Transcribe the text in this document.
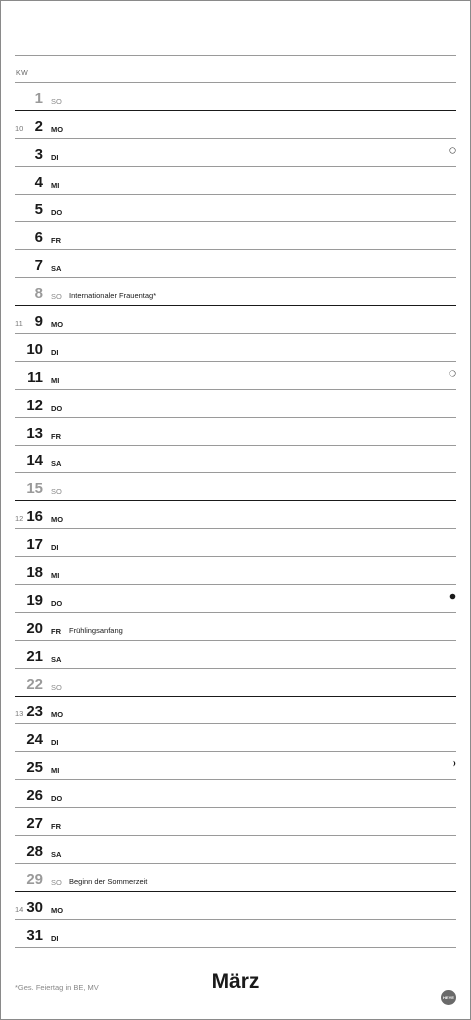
KW
1 SO
10 2 MO
3 DI
4 MI
5 DO
6 FR
7 SA
8 SO Internationaler Frauentag*
11 9 MO
10 DI
11 MI
12 DO
13 FR
14 SA
15 SO
12 16 MO
17 DI
18 MI
19 DO
20 FR Frühlingsanfang
21 SA
22 SO
13 23 MO
24 DI
25 MI
26 DO
27 FR
28 SA
29 SO Beginn der Sommerzeit
14 30 MO
31 DI
*Ges. Feiertag in BE, MV	März
HEYE
